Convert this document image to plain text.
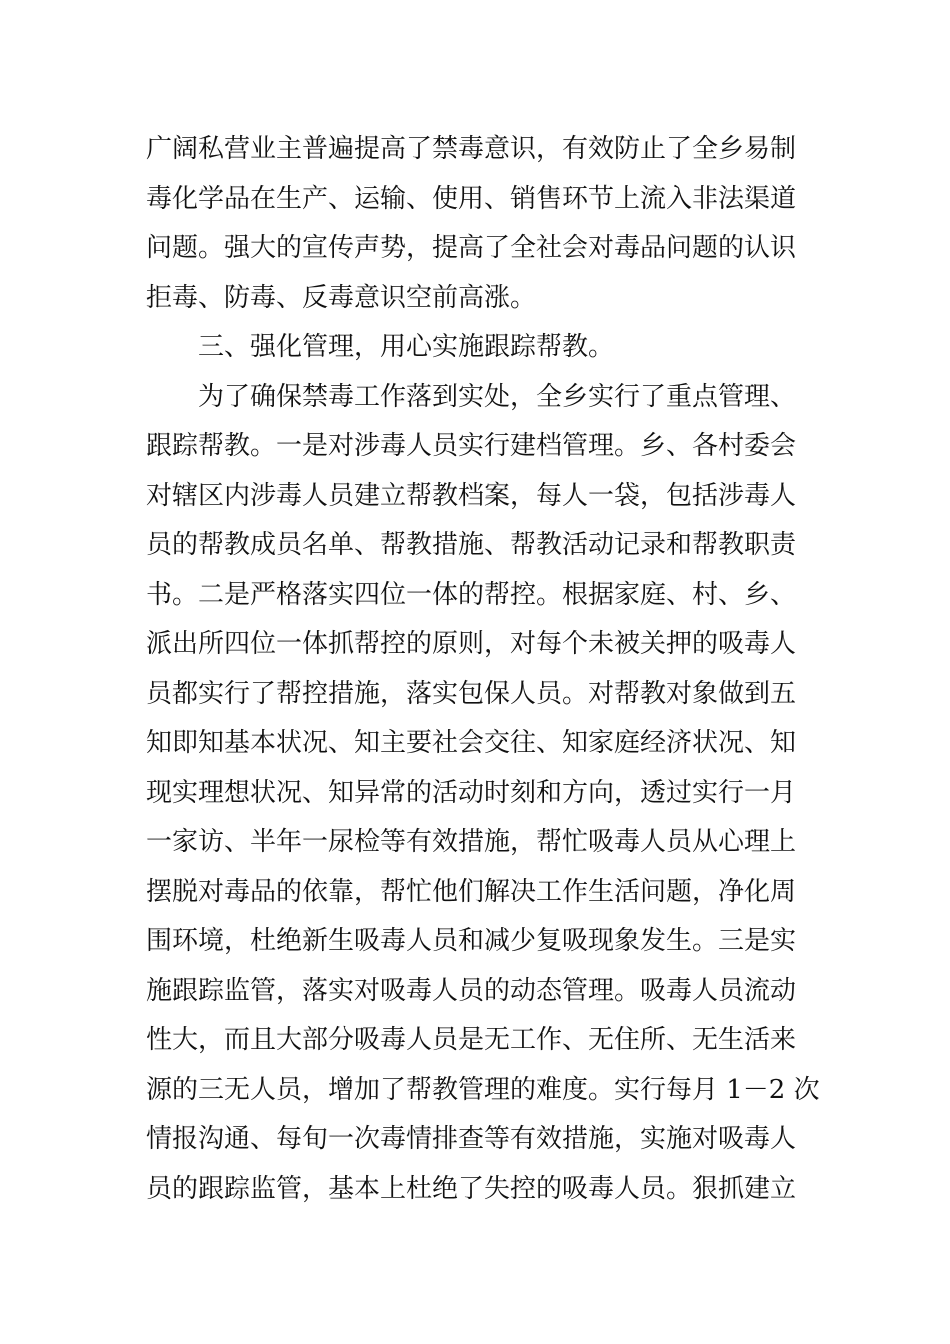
广阔私营业主普遍提高了禁毒意识，有效防止了全乡易制
毒化学品在生产、运输、使用、销售环节上流入非法渠道
问题。强大的宣传声势，提高了全社会对毒品问题的认识
拒毒、防毒、反毒意识空前高涨。
三、强化管理，用心实施跟踪帮教。
为了确保禁毒工作落到实处，全乡实行了重点管理、
跟踪帮教。一是对涉毒人员实行建档管理。乡、各村委会
对辖区内涉毒人员建立帮教档案，每人一袋，包括涉毒人
员的帮教成员名单、帮教措施、帮教活动记录和帮教职责
书。二是严格落实四位一体的帮控。根据家庭、村、乡、
派出所四位一体抓帮控的原则，对每个未被关押的吸毒人
员都实行了帮控措施，落实包保人员。对帮教对象做到五
知即知基本状况、知主要社会交往、知家庭经济状况、知
现实理想状况、知异常的活动时刻和方向，透过实行一月
一家访、半年一尿检等有效措施，帮忙吸毒人员从心理上
摆脱对毒品的依靠，帮忙他们解决工作生活问题，净化周
围环境，杜绝新生吸毒人员和减少复吸现象发生。三是实
施跟踪监管，落实对吸毒人员的动态管理。吸毒人员流动
性大，而且大部分吸毒人员是无工作、无住所、无生活来
源的三无人员，增加了帮教管理的难度。实行每月 1－2 次
情报沟通、每旬一次毒情排查等有效措施，实施对吸毒人
员的跟踪监管，基本上杜绝了失控的吸毒人员。狠抓建立
